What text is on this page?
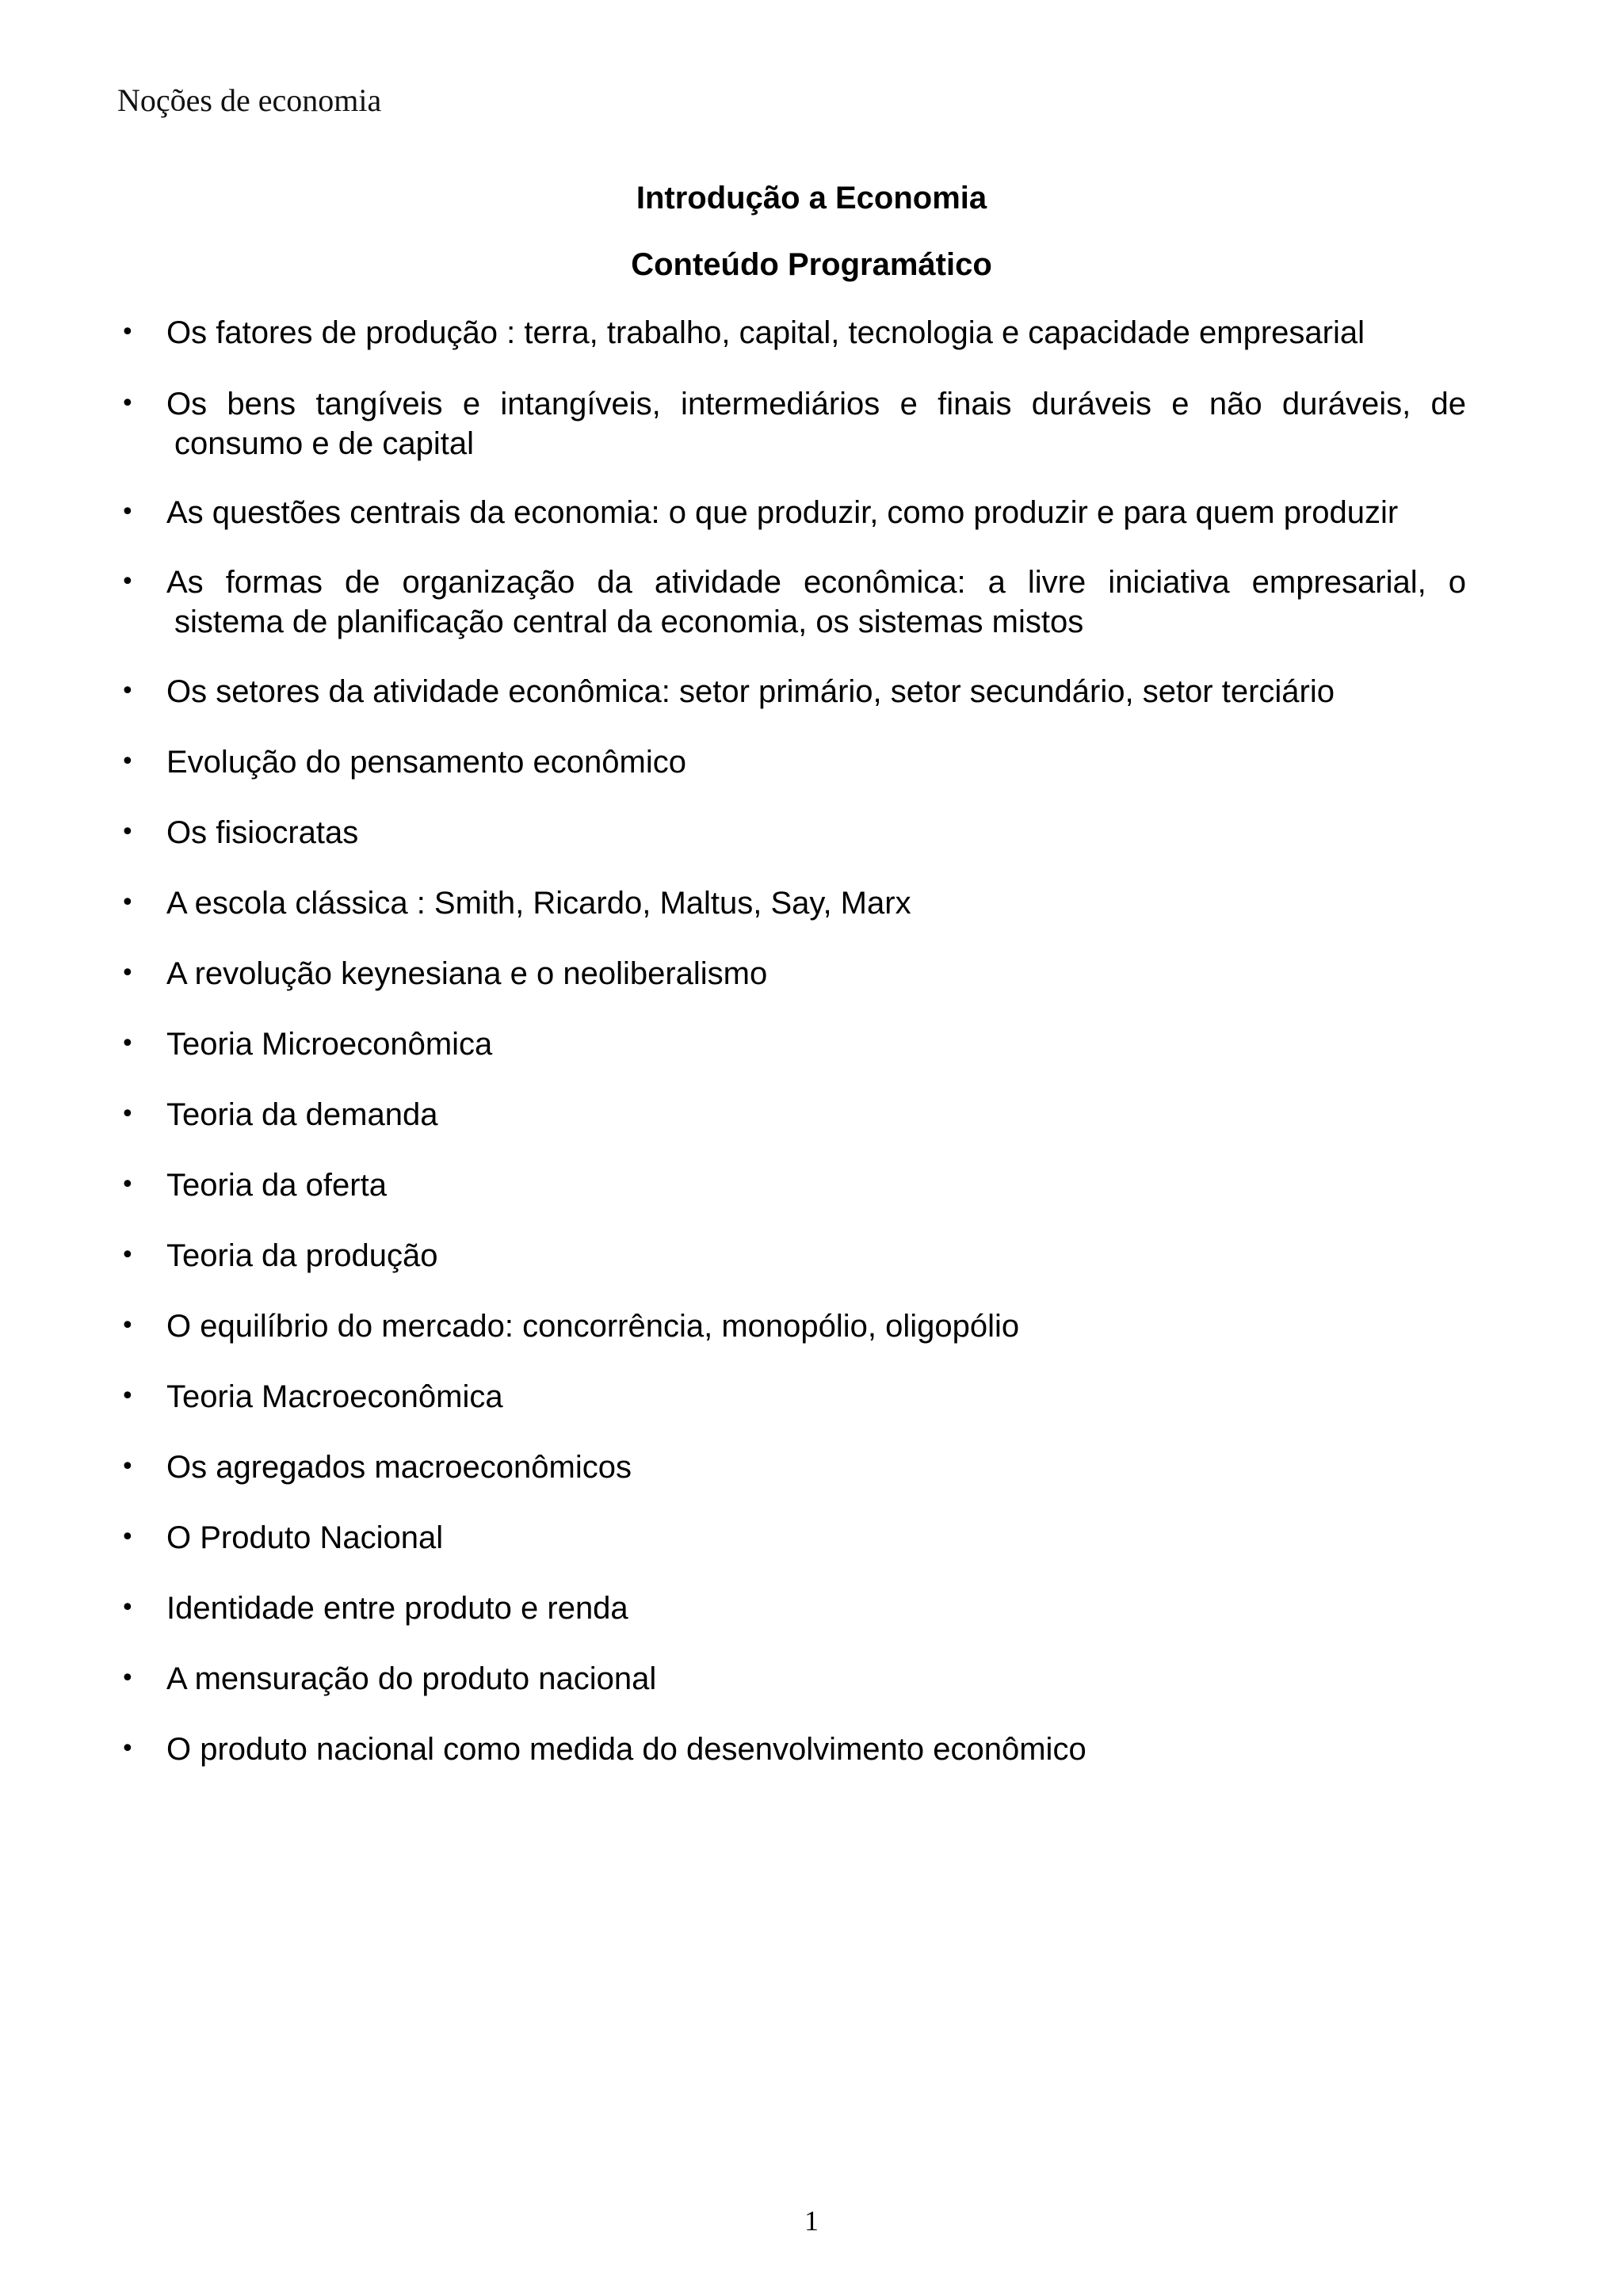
Noções de economia
Introdução a Economia
Conteúdo Programático
• Os fatores de produção : terra, trabalho, capital, tecnologia e capacidade empresarial
• Os bens tangíveis e intangíveis, intermediários e finais duráveis e não duráveis, de
consumo e de capital
• As questões centrais da economia: o que produzir, como produzir e para quem produzir
• As formas de organização da atividade econômica: a livre iniciativa empresarial, o
sistema de planificação central da economia, os sistemas mistos
• Os setores da atividade econômica: setor primário, setor secundário, setor terciário
• Evolução do pensamento econômico
• Os fisiocratas
• A escola clássica : Smith, Ricardo, Maltus, Say, Marx
• A revolução keynesiana e o neoliberalismo
• Teoria Microeconômica
• Teoria da demanda
• Teoria da oferta
• Teoria da produção
• O equilíbrio do mercado: concorrência, monopólio, oligopólio
• Teoria Macroeconômica
• Os agregados macroeconômicos
• O Produto Nacional
• Identidade entre produto e renda
• A mensuração do produto nacional
• O produto nacional como medida do desenvolvimento econômico
1
